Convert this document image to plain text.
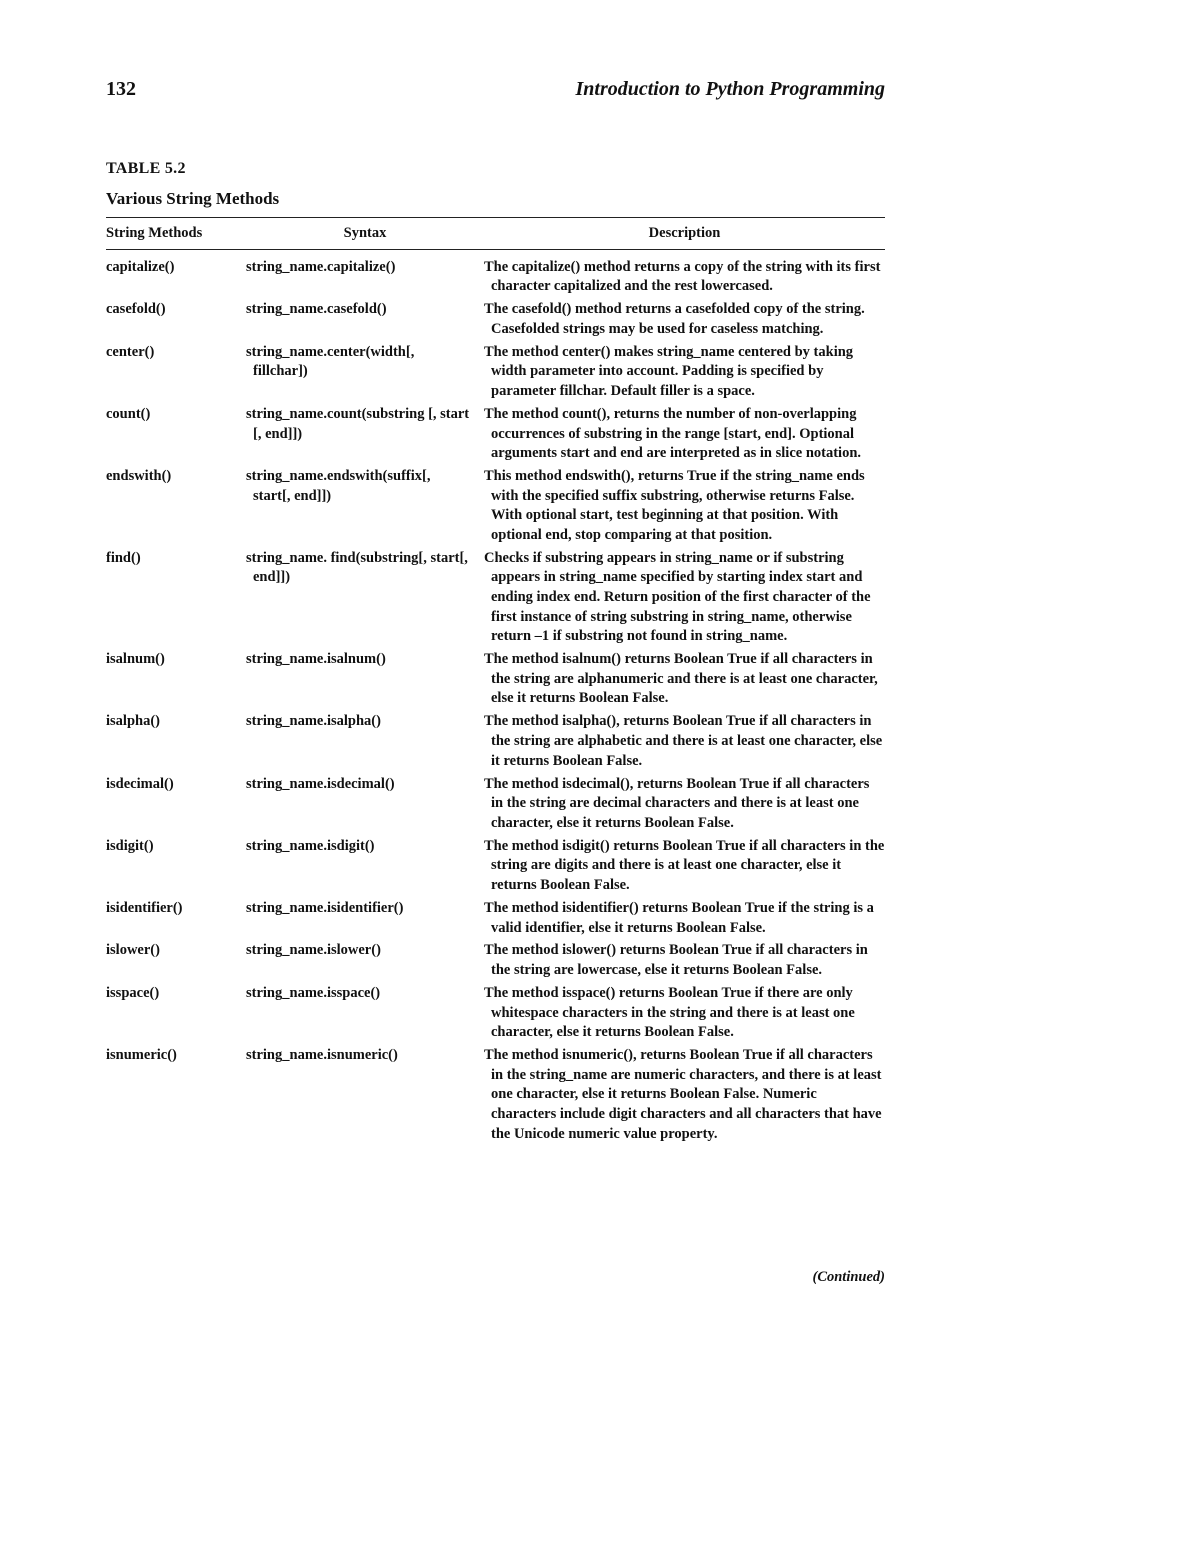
132	Introduction to Python Programming
TABLE 5.2
Various String Methods
String Methods	Syntax	Description
capitalize()	string_name.capitalize()	The capitalize() method returns a copy of the string with its first character capitalized and the rest lowercased.

casefold()	string_name.casefold()	The casefold() method returns a casefolded copy of the string. Casefolded strings may be used for caseless matching.

center()	string_name.center(width[, fillchar])	The method center() makes string_name centered by taking width parameter into account. Padding is specified by parameter fillchar. Default filler is a space.

count()	string_name.count(substring [, start [, end]])	The method count(), returns the number of non-overlapping occurrences of substring in the range [start, end]. Optional arguments start and end are interpreted as in slice notation.

endswith()	string_name.endswith(suffix[, start[, end]])	This method endswith(), returns True if the string_name ends with the specified suffix substring, otherwise returns False. With optional start, test beginning at that position. With optional end, stop comparing at that position.

find()	string_name. find(substring[, start[, end]])	Checks if substring appears in string_name or if substring appears in string_name specified by starting index start and ending index end. Return position of the first character of the first instance of string substring in string_name, otherwise return –1 if substring not found in string_name.

isalnum()	string_name.isalnum()	The method isalnum() returns Boolean True if all characters in the string are alphanumeric and there is at least one character, else it returns Boolean False.

isalpha()	string_name.isalpha()	The method isalpha(), returns Boolean True if all characters in the string are alphabetic and there is at least one character, else it returns Boolean False.

isdecimal()	string_name.isdecimal()	The method isdecimal(), returns Boolean True if all characters in the string are decimal characters and there is at least one character, else it returns Boolean False.

isdigit()	string_name.isdigit()	The method isdigit() returns Boolean True if all characters in the string are digits and there is at least one character, else it returns Boolean False.

isidentifier()	string_name.isidentifier()	The method isidentifier() returns Boolean True if the string is a valid identifier, else it returns Boolean False.

islower()	string_name.islower()	The method islower() returns Boolean True if all characters in the string are lowercase, else it returns Boolean False.

isspace()	string_name.isspace()	The method isspace() returns Boolean True if there are only whitespace characters in the string and there is at least one character, else it returns Boolean False.

isnumeric()	string_name.isnumeric()	The method isnumeric(), returns Boolean True if all characters in the string_name are numeric characters, and there is at least one character, else it returns Boolean False. Numeric characters include digit characters and all characters that have the Unicode numeric value property.
(Continued)
